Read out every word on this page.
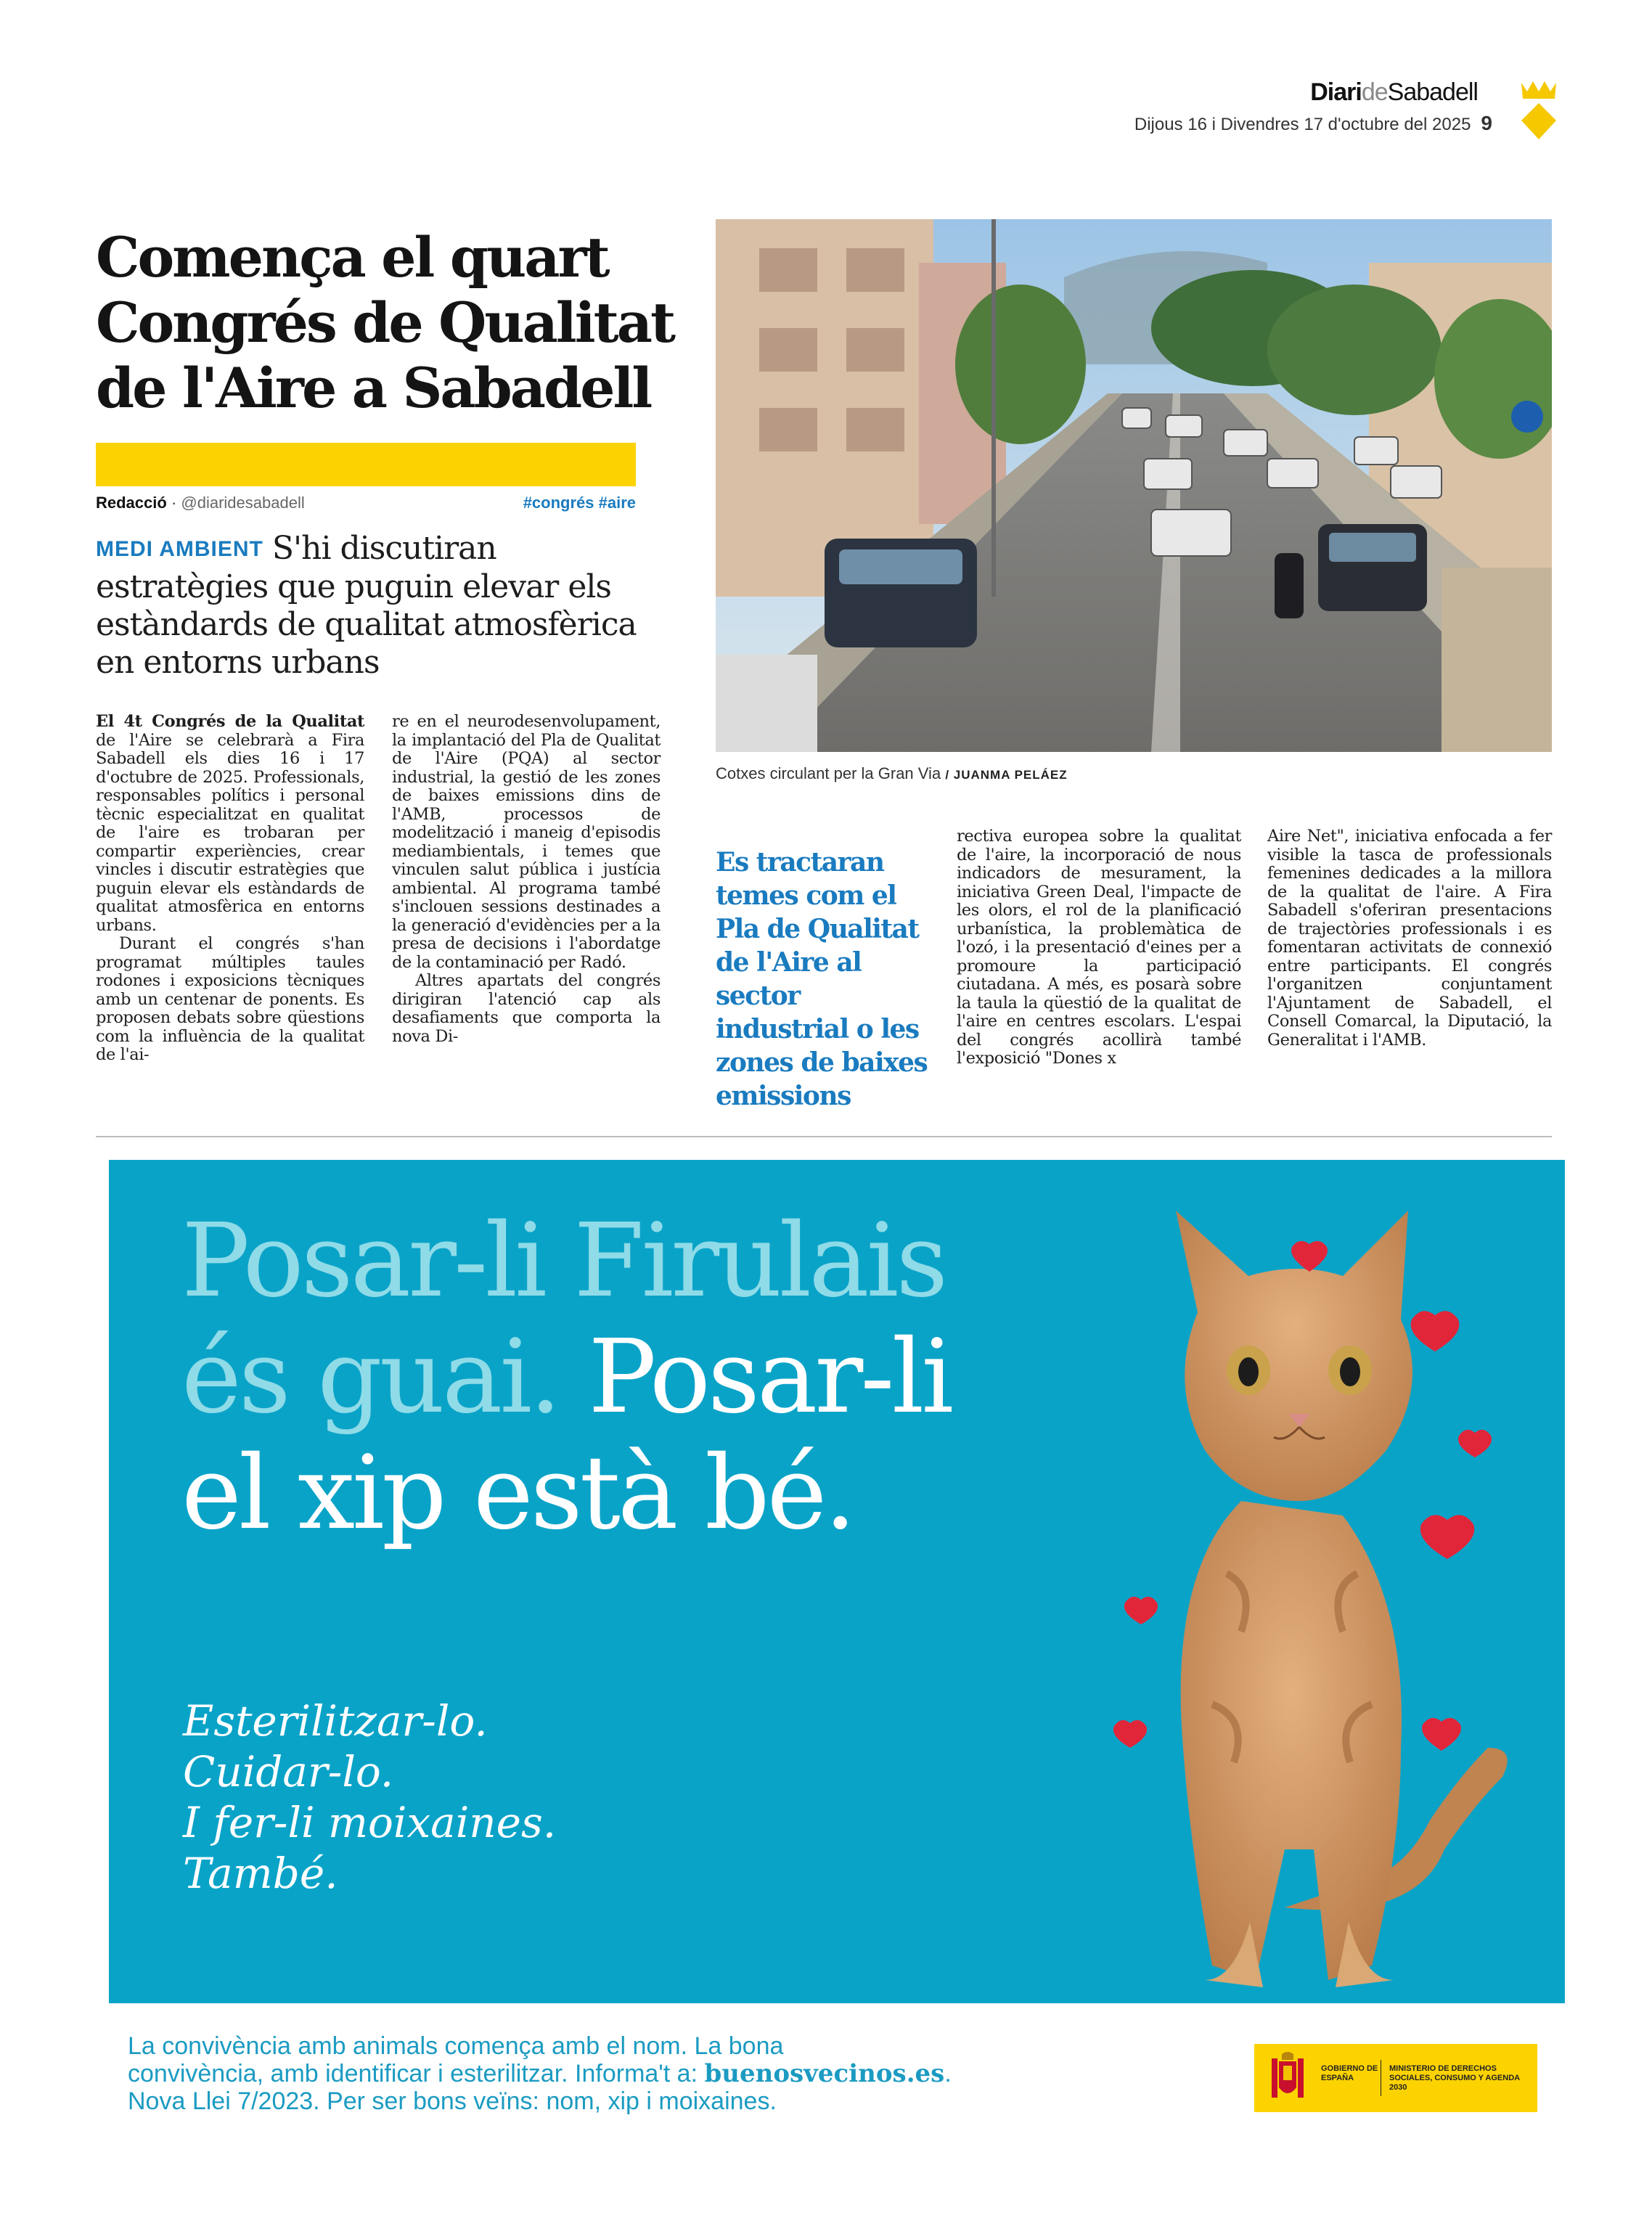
DiarideSabadell
Dijous 16 i Divendres 17 d'octubre del 2025 9
Comença el quart
Congrés de Qualitat
de l'Aire a Sabadell
Redacció · @diaridesabadell	#congrés #aire
MEDI AMBIENT S'hi discutiran estratègies que puguin elevar els estàndards de qualitat atmosfèrica en entorns urbans

El 4t Congrés de la Qualitat de l'Aire se celebrarà a Fira Sabadell els dies 16 i 17 d'octubre de 2025. Professionals, responsables polítics i personal tècnic especialitzat en qualitat de l'aire es trobaran per compartir experiències, crear vincles i discutir estratègies que puguin elevar els estàndards de qualitat atmosfèrica en entorns urbans.

Durant el congrés s'han programat múltiples taules rodones i exposicions tècniques amb un centenar de ponents. Es proposen debats sobre qüestions com la influència de la qualitat de l'ai-

re en el neurodesenvolupament, la implantació del Pla de Qualitat de l'Aire (PQA) al sector industrial, la gestió de les zones de baixes emissions dins de l'AMB, processos de modelització i maneig d'episodis mediambientals, i temes que vinculen salut pública i justícia ambiental. Al programa també s'inclouen sessions destinades a la generació d'evidències per a la presa de decisions i l'abordatge de la contaminació per Radó.

Altres apartats del congrés dirigiran l'atenció cap als desafiaments que comporta la nova Di-

Es tractaran temes com el Pla de Qualitat de l'Aire al sector industrial o les zones de baixes emissions

rectiva europea sobre la qualitat de l'aire, la incorporació de nous indicadors de mesurament, la iniciativa Green Deal, l'impacte de les olors, el rol de la planificació urbanística, la problemàtica de l'ozó, i la presentació d'eines per a promoure la participació ciutadana. A més, es posarà sobre la taula la qüestió de la qualitat de l'aire en centres escolars. L'espai del congrés acollirà també l'exposició "Dones x

Aire Net", iniciativa enfocada a fer visible la tasca de professionals femenines dedicades a la millora de la qualitat de l'aire. A Fira Sabadell s'oferiran presentacions de trajectòries professionals i es fomentaran activitats de connexió entre participants. El congrés l'organitzen conjuntament l'Ajuntament de Sabadell, el Consell Comarcal, la Diputació, la Generalitat i l'AMB.

Cotxes circulant per la Gran Via / JUANMA PELÁEZ
Posar-li Firulais
és guai. Posar-li
el xip està bé.
Esterilitzar-lo.
Cuidar-lo.
I fer-li moixaines.
També.
La convivència amb animals comença amb el nom. La bona
convivència, amb identificar i esterilitzar. Informa't a: buenosvecinos.es.
Nova Llei 7/2023. Per ser bons veïns: nom, xip i moixaines.
GOBIERNO DE ESPAÑA
MINISTERIO DE DERECHOS SOCIALES, CONSUMO Y AGENDA 2030
